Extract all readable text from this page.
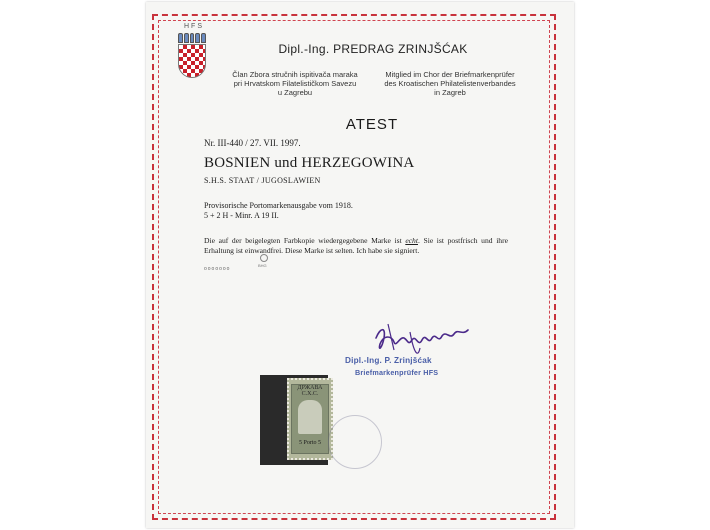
HFS
Dipl.-Ing. PREDRAG ZRINJŠĆAK
Član Zbora stručnih ispitivača maraka
pri Hrvatskom Filatelističkom Savezu
u Zagrebu
Mitglied im Chor der Briefmarkenprüfer
des Kroatischen Philatelistenverbandes
in Zagreb
ATEST
Nr. III-440 / 27. VII. 1997.
BOSNIEN und HERZEGOWINA
S.H.S. STAAT / JUGOSLAWIEN
Provisorische Portomarkenausgabe vom 1918.
5 + 2 H - Minr. A 19 II.
Die auf der beigelegten Farbkopie wiedergegebene Marke ist echt. Sie ist postfrisch und ihre Erhaltung ist einwandfrei. Diese Marke ist selten. Ich habe sie signiert.
BHG
ooooooo
Dipl.-Ing. P. Zrinjšćak
Briefmarkenprüfer HFS
ДРЖАВА С.Х.С.
5 Porto 5
